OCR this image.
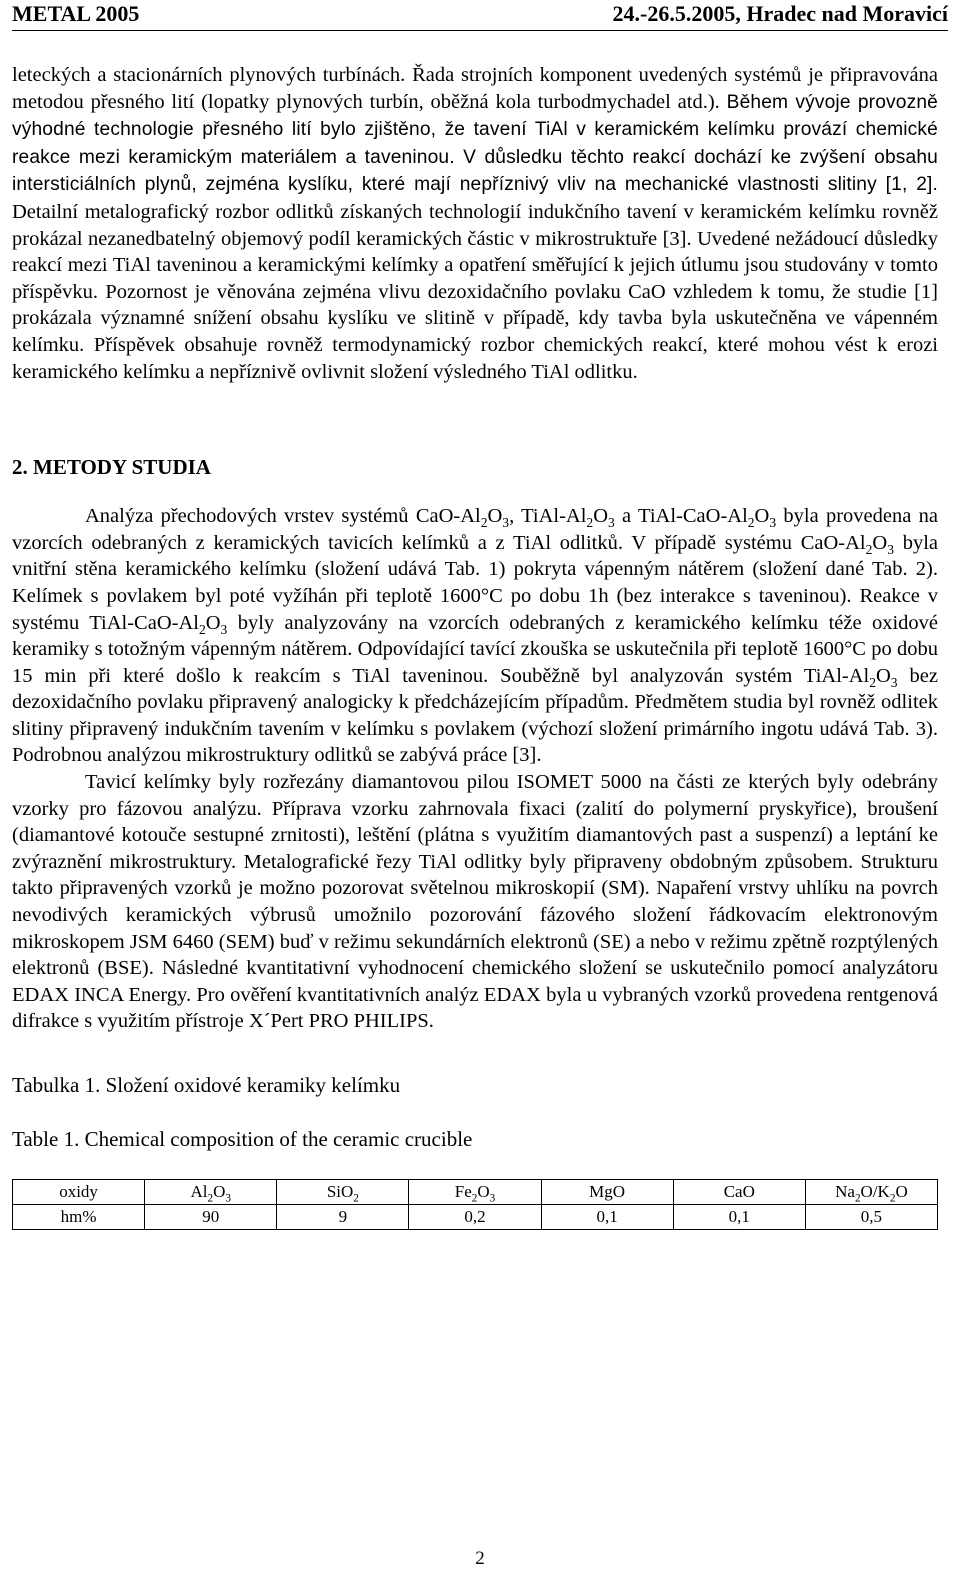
METAL 2005	24.-26.5.2005, Hradec nad Moravicí

leteckých a stacionárních plynových turbínách. Řada strojních komponent uvedených systémů je připravována metodou přesného lití (lopatky plynových turbín, oběžná kola turbodmychadel atd.). Během vývoje provozně výhodné technologie přesného lití bylo zjištěno, že tavení TiAl v keramickém kelímku provází chemické reakce mezi keramickým materiálem a taveninou. V důsledku těchto reakcí dochází ke zvýšení obsahu intersticiálních plynů, zejména kyslíku, které mají nepříznivý vliv na mechanické vlastnosti slitiny [1, 2]. Detailní metalografický rozbor odlitků získaných technologií indukčního tavení v keramickém kelímku rovněž prokázal nezanedbatelný objemový podíl keramických částic v mikrostruktuře [3]. Uvedené nežádoucí důsledky reakcí mezi TiAl taveninou a keramickými kelímky a opatření směřující k jejich útlumu jsou studovány v tomto příspěvku. Pozornost je věnována zejména vlivu dezoxidačního povlaku CaO vzhledem k tomu, že studie [1] prokázala významné snížení obsahu kyslíku ve slitině v případě, kdy tavba byla uskutečněna ve vápenném kelímku. Příspěvek obsahuje rovněž termodynamický rozbor chemických reakcí, které mohou vést k erozi keramického kelímku a nepříznivě ovlivnit složení výsledného TiAl odlitku.

2. METODY STUDIA

Analýza přechodových vrstev systémů CaO-$Al_2O_3$, TiAl-$Al_2O_3$ a TiAl-$CaO-Al_2O_3$ byla provedena na vzorcích odebraných z keramických tavicích kelímků a z TiAl odlitků. V případě systému CaO-$Al_2O_3$ byla vnitřní stěna keramického kelímku (složení udává Tab. 1) pokryta vápenným nátěrem (složení dané Tab. 2). Kelímek s povlakem byl poté vyžíhán při teplotě 1600°C po dobu 1h (bez interakce s taveninou). Reakce v systému TiAl-$CaO-Al_2O_3$ byly analyzovány na vzorcích odebraných z keramického kelímku téže oxidové keramiky s totožným vápenným nátěrem. Odpovídající tavící zkouška se uskutečnila při teplotě 1600°C po dobu 15 min při které došlo k reakcím s TiAl taveninou. Souběžně byl analyzován systém TiAl-$Al_2O_3$ bez dezoxidačního povlaku připravený analogicky k předcházejícím případům. Předmětem studia byl rovněž odlitek slitiny připravený indukčním tavením v kelímku s povlakem (výchozí složení primárního ingotu udává Tab. 3). Podrobnou analýzou mikrostruktury odlitků se zabývá práce [3].

Tavicí kelímky byly rozřezány diamantovou pilou ISOMET 5000 na části ze kterých byly odebrány vzorky pro fázovou analýzu. Příprava vzorku zahrnovala fixaci (zalití do polymerní pryskyřice), broušení (diamantové kotouče sestupné zrnitosti), leštění (plátna s využitím diamantových past a suspenzí) a leptání ke zvýraznění mikrostruktury. Metalografické řezy TiAl odlitky byly připraveny obdobným způsobem. Strukturu takto připravených vzorků je možno pozorovat světelnou mikroskopií (SM). Napaření vrstvy uhlíku na povrch nevodivých keramických výbrusů umožnilo pozorování fázového složení řádkovacím elektronovým mikroskopem JSM 6460 (SEM) buď v režimu sekundárních elektronů (SE) a nebo v režimu zpětně rozptýlených elektronů (BSE). Následné kvantitativní vyhodnocení chemického složení se uskutečnilo pomocí analyzátoru EDAX INCA Energy. Pro ověření kvantitativních analýz EDAX byla u vybraných vzorků provedena rentgenová difrakce s využitím přístroje X´Pert PRO PHILIPS.

Tabulka 1. Složení oxidové keramiky kelímku

Table 1. Chemical composition of the ceramic crucible

oxidy	$Al_2O_3$	SiO$_2$	$Fe_2O_3$	MgO	CaO	$Na_2O/K_2O$
hm%	90	9	0,2	0,1	0,1	0,5
2
